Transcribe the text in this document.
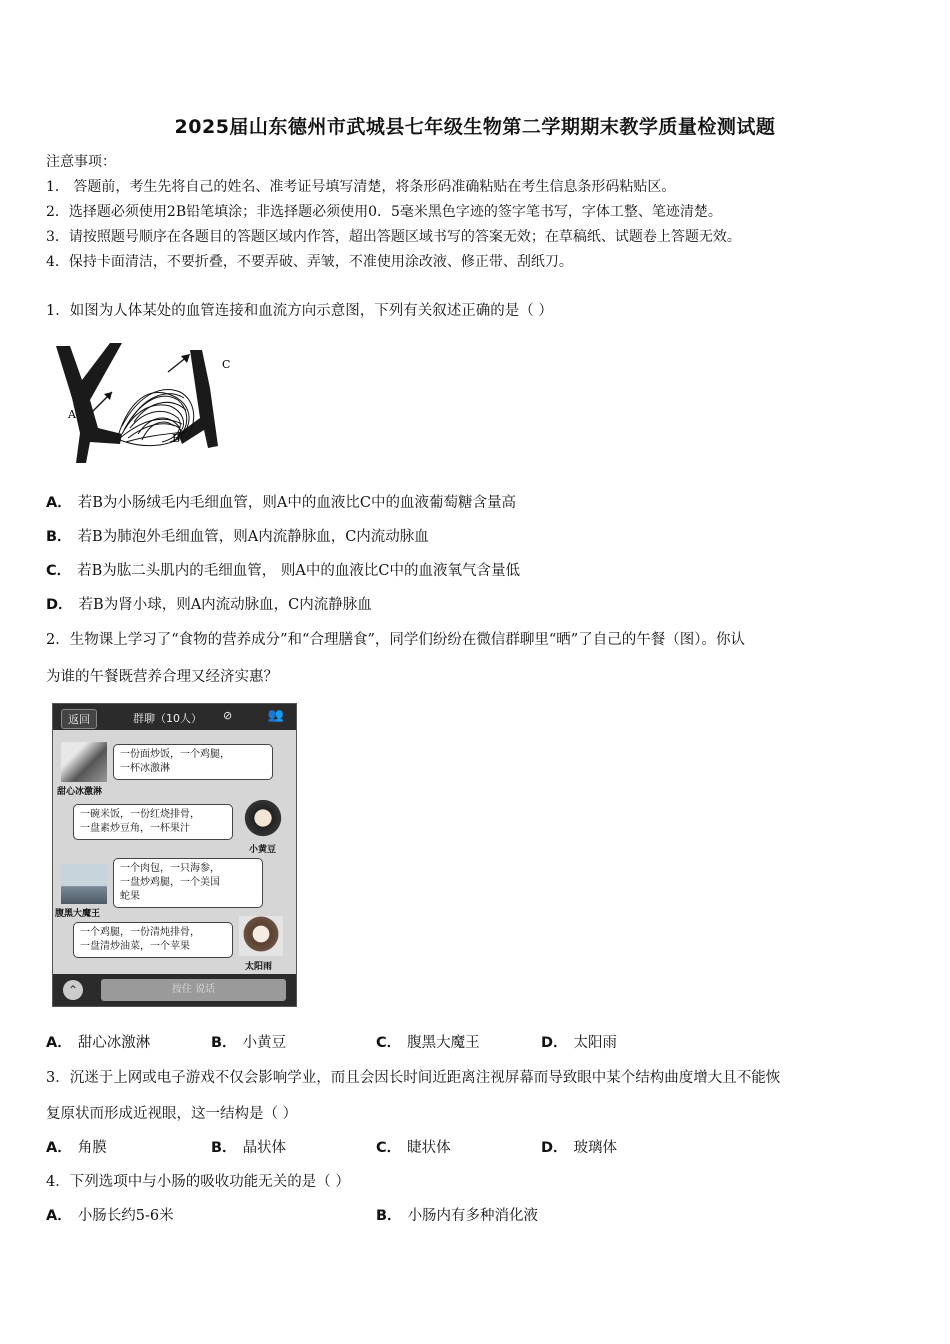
2025届山东德州市武城县七年级生物第二学期期末教学质量检测试题
注意事项：
1． 答题前，考生先将自己的姓名、准考证号填写清楚，将条形码准确粘贴在考生信息条形码粘贴区。
2．选择题必须使用2B铅笔填涂；非选择题必须使用0．5毫米黑色字迹的签字笔书写，字体工整、笔迹清楚。
3．请按照题号顺序在各题目的答题区域内作答，超出答题区域书写的答案无效；在草稿纸、试题卷上答题无效。
4．保持卡面清洁，不要折叠，不要弄破、弄皱，不准使用涂改液、修正带、刮纸刀。
1．如图为人体某处的血管连接和血流方向示意图，下列有关叙述正确的是（ ）
A
B
C
A． 若B为小肠绒毛内毛细血管，则A中的血液比C中的血液葡萄糖含量高
B． 若B为肺泡外毛细血管，则A内流静脉血，C内流动脉血
C． 若B为肱二头肌内的毛细血管， 则A中的血液比C中的血液氧气含量低
D． 若B为肾小球，则A内流动脉血，C内流静脉血
2．生物课上学习了“食物的营养成分”和“合理膳食”，同学们纷纷在微信群聊里“晒”了自己的午餐（图）。你认
为谁的午餐既营养合理又经济实惠？
返回	群聊（10人） ⊘	👥
甜心冰激淋
一份面炒饭，一个鸡腿，
一杯冰激淋
一碗米饭，一份红烧排骨，
一盘素炒豆角，一杯果汁
小黄豆
腹黑大魔王
一个肉包，一只海参，
一盘炒鸡腿，一个美国
蛇果
一个鸡腿，一份清炖排骨，
一盘清炒油菜，一个苹果
太阳雨
⌃	按住 说话
A． 甜心冰激淋	B． 小黄豆	C． 腹黑大魔王	D． 太阳雨
3．沉迷于上网或电子游戏不仅会影响学业，而且会因长时间近距离注视屏幕而导致眼中某个结构曲度增大且不能恢
复原状而形成近视眼，这一结构是（ ）
A． 角膜	B． 晶状体	C． 睫状体	D． 玻璃体
4．下列选项中与小肠的吸收功能无关的是（ ）
A． 小肠长约5-6米	B． 小肠内有多种消化液
